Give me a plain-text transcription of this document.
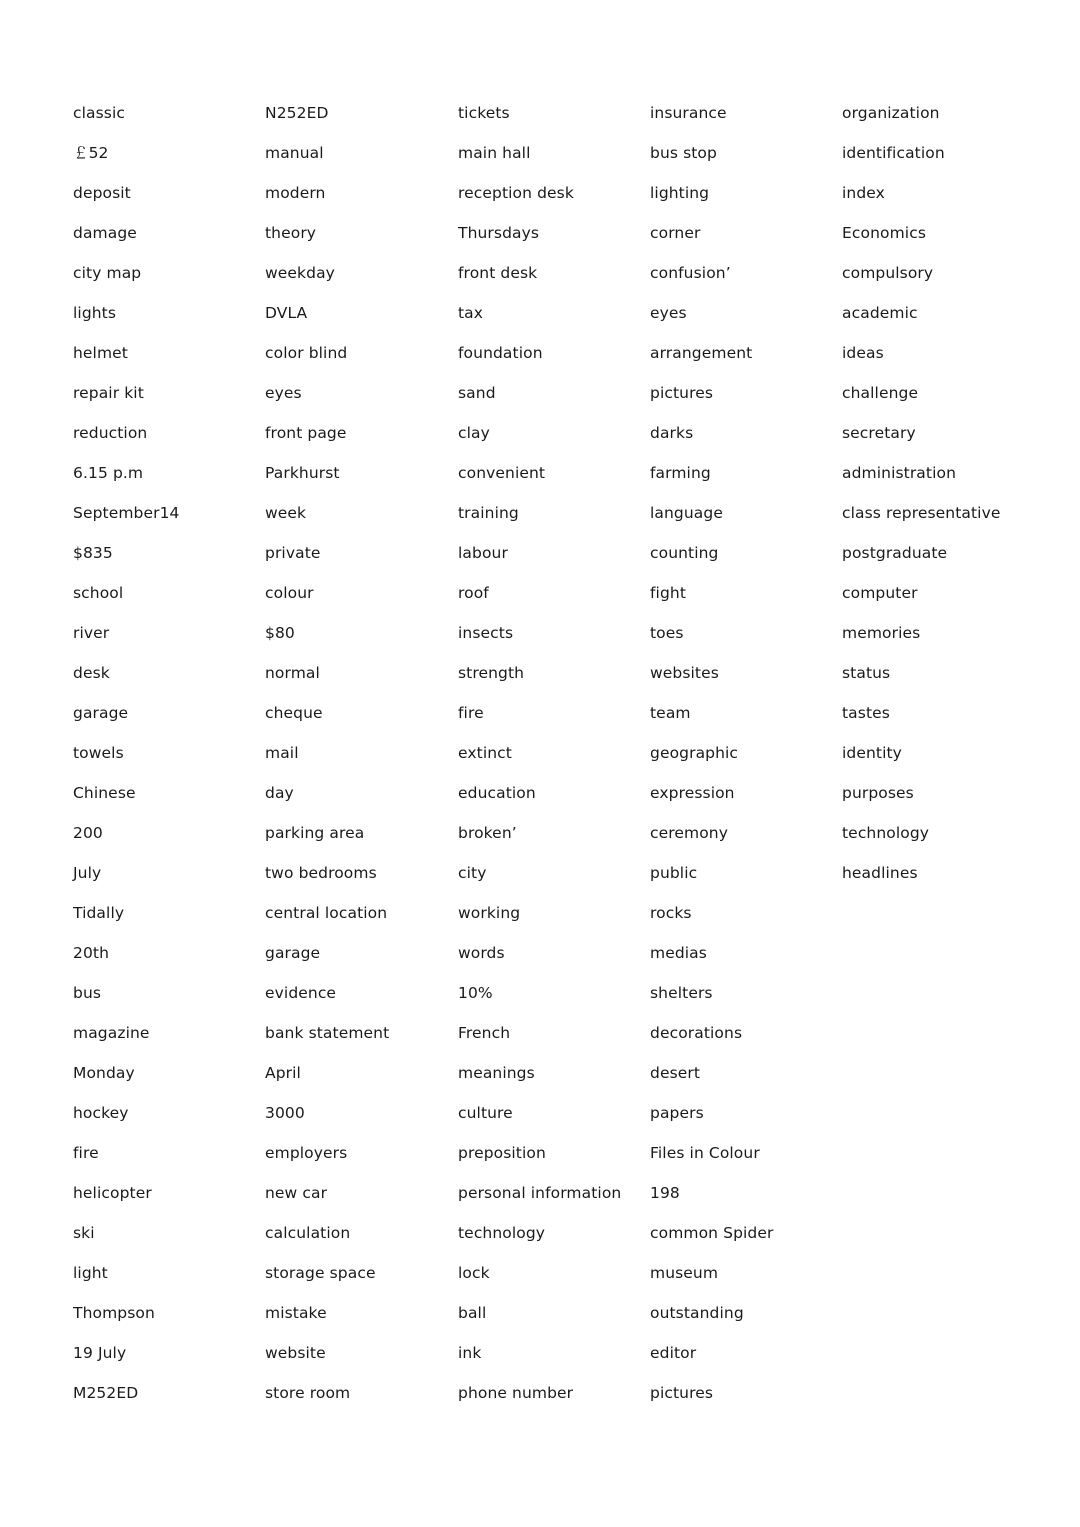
classic
￡52
deposit
damage
city map
lights
helmet
repair kit
reduction
6.15 p.m
September14
$835
school
river
desk
garage
towels
Chinese
200
July
Tidally
20th
bus
magazine
Monday
hockey
fire
helicopter
ski
light
Thompson
19 July
M252ED
N252ED
manual
modern
theory
weekday
DVLA
color blind
eyes
front page
Parkhurst
week
private
colour
$80
normal
cheque
mail
day
parking area
two bedrooms
central location
garage
evidence
bank statement
April
3000
employers
new car
calculation
storage space
mistake
website
store room
tickets
main hall
reception desk
Thursdays
front desk
tax
foundation
sand
clay
convenient
training
labour
roof
insects
strength
fire
extinct
education
broken’
city
working
words
10%
French
meanings
culture
preposition
personal information
technology
lock
ball
ink
phone number
insurance
bus stop
lighting
corner
confusion’
eyes
arrangement
pictures
darks
farming
language
counting
fight
toes
websites
team
geographic
expression
ceremony
public
rocks
medias
shelters
decorations
desert
papers
Files in Colour
198
common Spider
museum
outstanding
editor
pictures
organization
identification
index
Economics
compulsory
academic
ideas
challenge
secretary
administration
class representative
postgraduate
computer
memories
status
tastes
identity
purposes
technology
headlines
